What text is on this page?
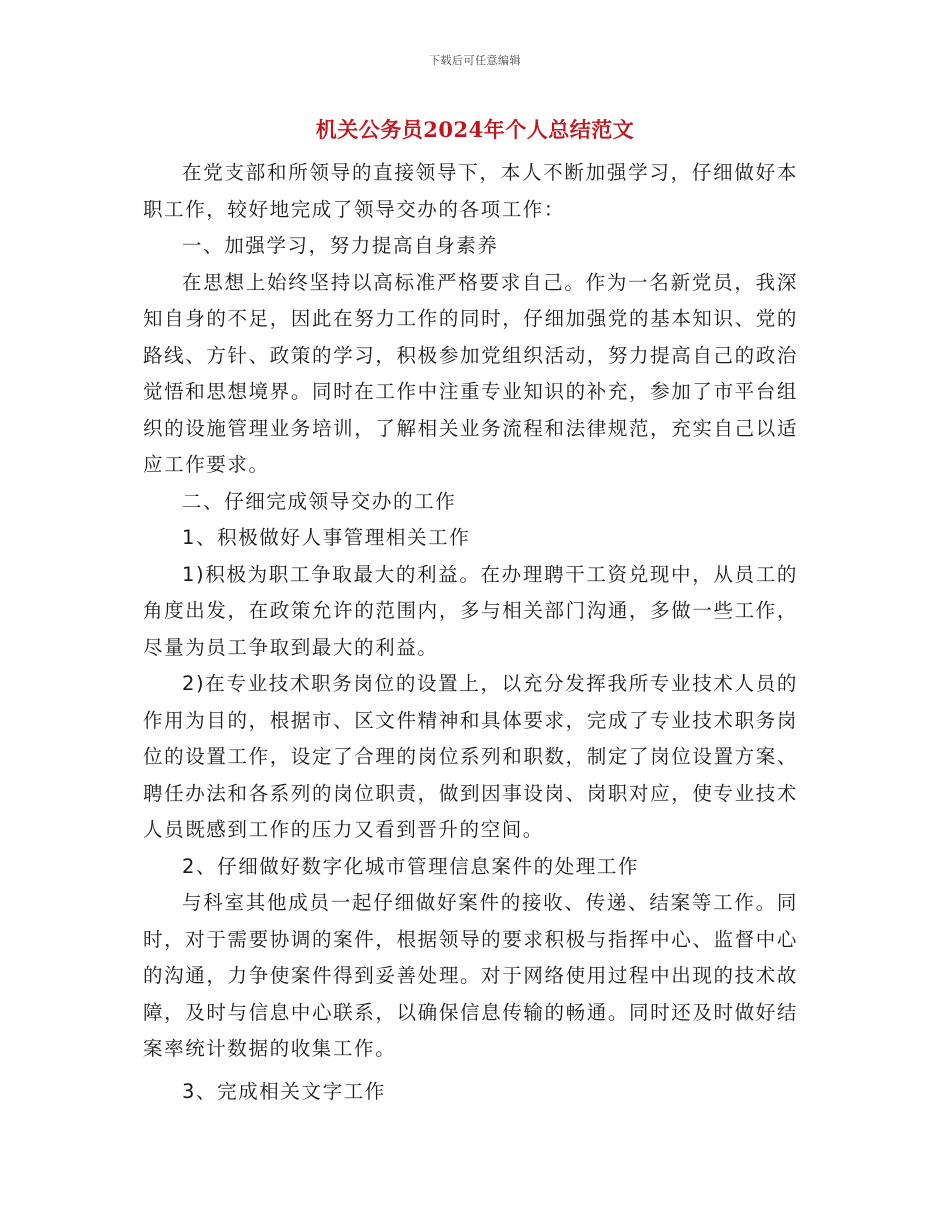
下载后可任意编辑
机关公务员2024年个人总结范文

在党支部和所领导的直接领导下，本人不断加强学习，仔细做好本职工作，较好地完成了领导交办的各项工作：

一、加强学习，努力提高自身素养

在思想上始终坚持以高标准严格要求自己。作为一名新党员，我深知自身的不足，因此在努力工作的同时，仔细加强党的基本知识、党的路线、方针、政策的学习，积极参加党组织活动，努力提高自己的政治觉悟和思想境界。同时在工作中注重专业知识的补充，参加了市平台组织的设施管理业务培训，了解相关业务流程和法律规范，充实自己以适应工作要求。

二、仔细完成领导交办的工作

1、积极做好人事管理相关工作

1)积极为职工争取最大的利益。在办理聘干工资兑现中，从员工的角度出发，在政策允许的范围内，多与相关部门沟通，多做一些工作，尽量为员工争取到最大的利益。

2)在专业技术职务岗位的设置上，以充分发挥我所专业技术人员的作用为目的，根据市、区文件精神和具体要求，完成了专业技术职务岗位的设置工作，设定了合理的岗位系列和职数，制定了岗位设置方案、聘任办法和各系列的岗位职责，做到因事设岗、岗职对应，使专业技术人员既感到工作的压力又看到晋升的空间。

2、仔细做好数字化城市管理信息案件的处理工作

与科室其他成员一起仔细做好案件的接收、传递、结案等工作。同时，对于需要协调的案件，根据领导的要求积极与指挥中心、监督中心的沟通，力争使案件得到妥善处理。对于网络使用过程中出现的技术故障，及时与信息中心联系，以确保信息传输的畅通。同时还及时做好结案率统计数据的收集工作。

3、完成相关文字工作
